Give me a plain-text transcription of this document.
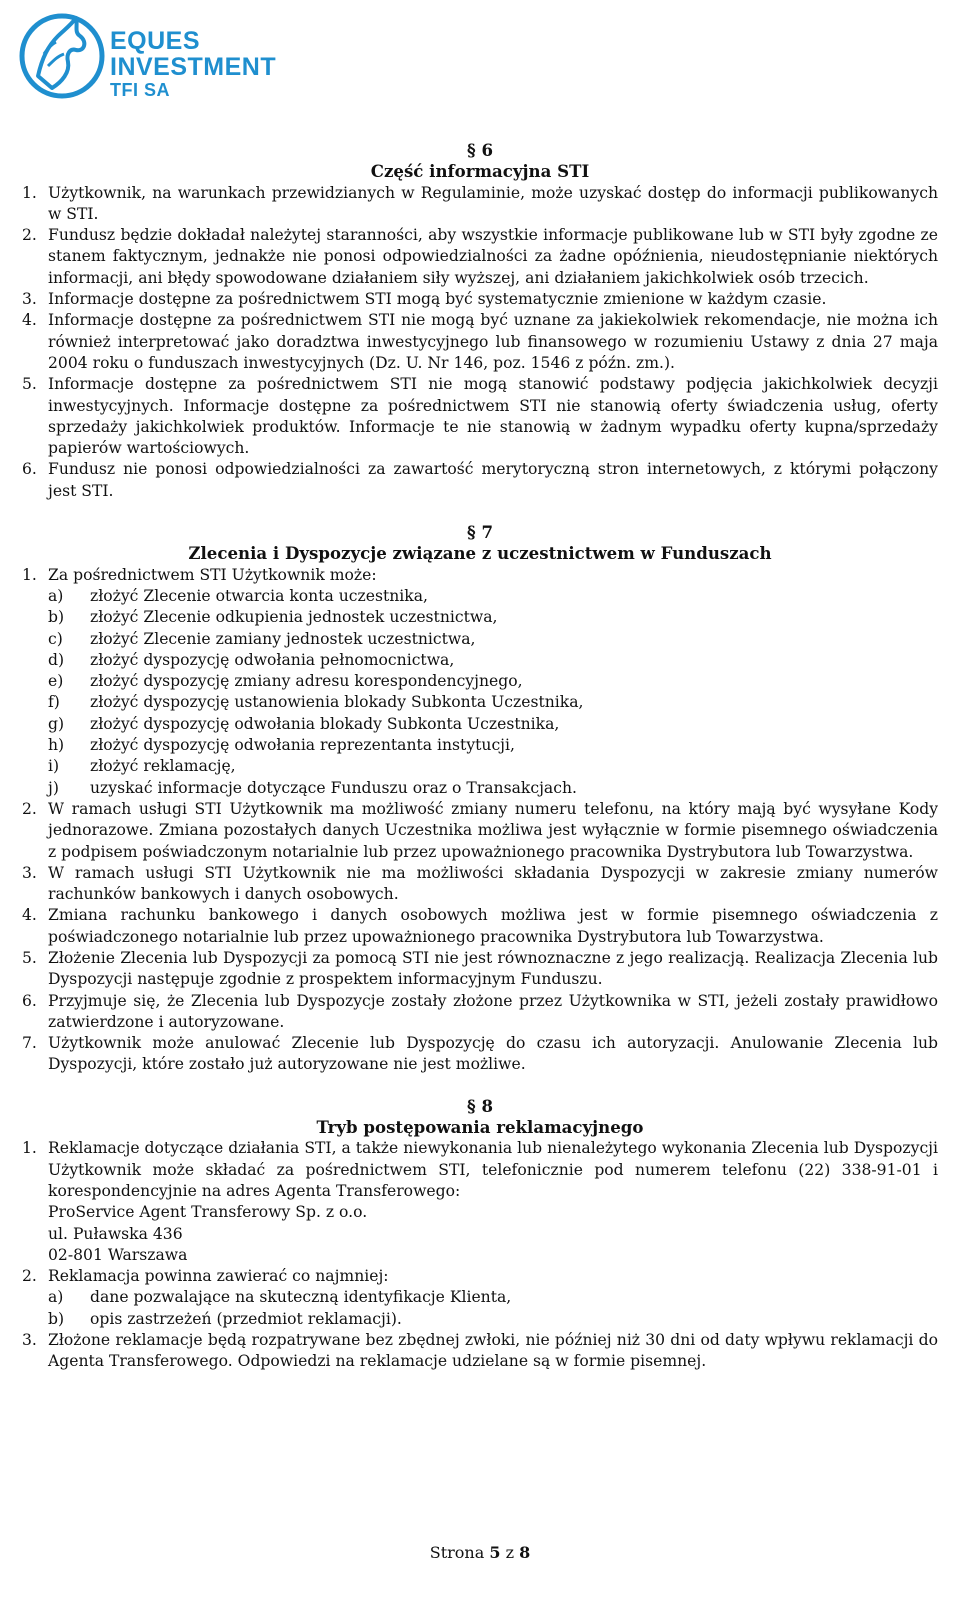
EQUES
INVESTMENT
TFI SA

§ 6

Część informacyjna STI

1. Użytkownik, na warunkach przewidzianych w Regulaminie, może uzyskać dostęp do informacji publikowanych w STI.
2. Fundusz będzie dokładał należytej staranności, aby wszystkie informacje publikowane lub w STI były zgodne ze stanem faktycznym, jednakże nie ponosi odpowiedzialności za żadne opóźnienia, nieudostępnianie niektórych informacji, ani błędy spowodowane działaniem siły wyższej, ani działaniem jakichkolwiek osób trzecich.
3. Informacje dostępne za pośrednictwem STI mogą być systematycznie zmienione w każdym czasie.
4. Informacje dostępne za pośrednictwem STI nie mogą być uznane za jakiekolwiek rekomendacje, nie można ich również interpretować jako doradztwa inwestycyjnego lub finansowego w rozumieniu Ustawy z dnia 27 maja 2004 roku o funduszach inwestycyjnych (Dz. U. Nr 146, poz. 1546 z późn. zm.).
5. Informacje dostępne za pośrednictwem STI nie mogą stanowić podstawy podjęcia jakichkolwiek decyzji inwestycyjnych. Informacje dostępne za pośrednictwem STI nie stanowią oferty świadczenia usług, oferty sprzedaży jakichkolwiek produktów. Informacje te nie stanowią w żadnym wypadku oferty kupna/sprzedaży papierów wartościowych.
6. Fundusz nie ponosi odpowiedzialności za zawartość merytoryczną stron internetowych, z którymi połączony jest STI.

§ 7

Zlecenia i Dyspozycje związane z uczestnictwem w Funduszach

1. Za pośrednictwem STI Użytkownik może:
a) złożyć Zlecenie otwarcia konta uczestnika,
b) złożyć Zlecenie odkupienia jednostek uczestnictwa,
c) złożyć Zlecenie zamiany jednostek uczestnictwa,
d) złożyć dyspozycję odwołania pełnomocnictwa,
e) złożyć dyspozycję zmiany adresu korespondencyjnego,
f) złożyć dyspozycję ustanowienia blokady Subkonta Uczestnika,
g) złożyć dyspozycję odwołania blokady Subkonta Uczestnika,
h) złożyć dyspozycję odwołania reprezentanta instytucji,
i) złożyć reklamację,
j) uzyskać informacje dotyczące Funduszu oraz o Transakcjach.
2. W ramach usługi STI Użytkownik ma możliwość zmiany numeru telefonu, na który mają być wysyłane Kody jednorazowe. Zmiana pozostałych danych Uczestnika możliwa jest wyłącznie w formie pisemnego oświadczenia z podpisem poświadczonym notarialnie lub przez upoważnionego pracownika Dystrybutora lub Towarzystwa.
3. W ramach usługi STI Użytkownik nie ma możliwości składania Dyspozycji w zakresie zmiany numerów rachunków bankowych i danych osobowych.
4. Zmiana rachunku bankowego i danych osobowych możliwa jest w formie pisemnego oświadczenia z poświadczonego notarialnie lub przez upoważnionego pracownika Dystrybutora lub Towarzystwa.
5. Złożenie Zlecenia lub Dyspozycji za pomocą STI nie jest równoznaczne z jego realizacją. Realizacja Zlecenia lub Dyspozycji następuje zgodnie z prospektem informacyjnym Funduszu.
6. Przyjmuje się, że Zlecenia lub Dyspozycje zostały złożone przez Użytkownika w STI, jeżeli zostały prawidłowo zatwierdzone i autoryzowane.
7. Użytkownik może anulować Zlecenie lub Dyspozycję do czasu ich autoryzacji. Anulowanie Zlecenia lub Dyspozycji, które zostało już autoryzowane nie jest możliwe.

§ 8

Tryb postępowania reklamacyjnego

1. Reklamacje dotyczące działania STI, a także niewykonania lub nienależytego wykonania Zlecenia lub Dyspozycji Użytkownik może składać za pośrednictwem STI, telefonicznie pod numerem telefonu (22) 338-91-01 i korespondencyjnie na adres Agenta Transferowego:
ProService Agent Transferowy Sp. z o.o.
ul. Puławska 436
02-801 Warszawa
2. Reklamacja powinna zawierać co najmniej:
a) dane pozwalające na skuteczną identyfikacje Klienta,
b) opis zastrzeżeń (przedmiot reklamacji).
3. Złożone reklamacje będą rozpatrywane bez zbędnej zwłoki, nie później niż 30 dni od daty wpływu reklamacji do Agenta Transferowego. Odpowiedzi na reklamacje udzielane są w formie pisemnej.
Strona 5 z 8
